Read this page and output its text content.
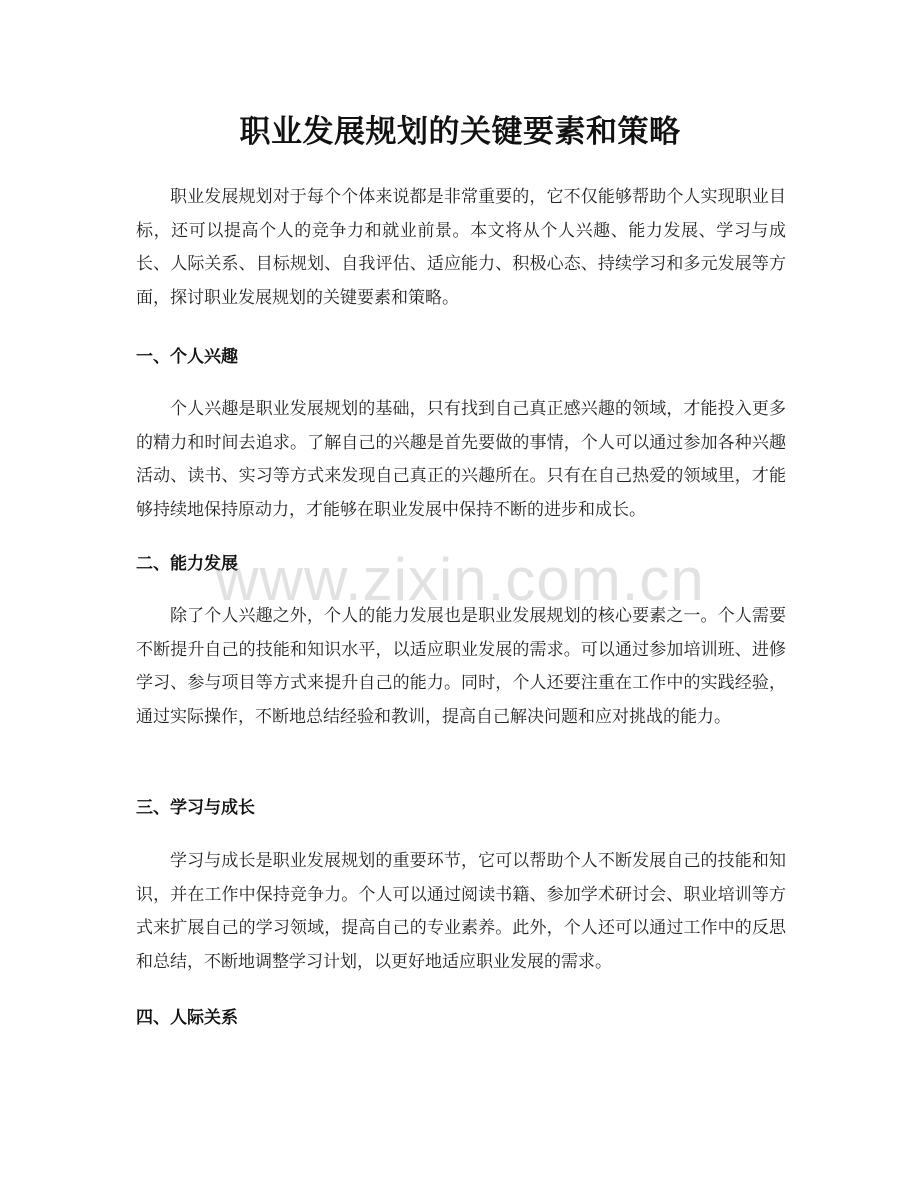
职业发展规划的关键要素和策略

职业发展规划对于每个个体来说都是非常重要的，它不仅能够帮助个人实现职业目标，还可以提高个人的竞争力和就业前景。本文将从个人兴趣、能力发展、学习与成长、人际关系、目标规划、自我评估、适应能力、积极心态、持续学习和多元发展等方面，探讨职业发展规划的关键要素和策略。

一、个人兴趣

个人兴趣是职业发展规划的基础，只有找到自己真正感兴趣的领域，才能投入更多的精力和时间去追求。了解自己的兴趣是首先要做的事情，个人可以通过参加各种兴趣活动、读书、实习等方式来发现自己真正的兴趣所在。只有在自己热爱的领域里，才能够持续地保持原动力，才能够在职业发展中保持不断的进步和成长。

二、能力发展

除了个人兴趣之外，个人的能力发展也是职业发展规划的核心要素之一。个人需要不断提升自己的技能和知识水平，以适应职业发展的需求。可以通过参加培训班、进修学习、参与项目等方式来提升自己的能力。同时，个人还要注重在工作中的实践经验，通过实际操作，不断地总结经验和教训，提高自己解决问题和应对挑战的能力。

三、学习与成长

学习与成长是职业发展规划的重要环节，它可以帮助个人不断发展自己的技能和知识，并在工作中保持竞争力。个人可以通过阅读书籍、参加学术研讨会、职业培训等方式来扩展自己的学习领域，提高自己的专业素养。此外，个人还可以通过工作中的反思和总结，不断地调整学习计划，以更好地适应职业发展的需求。

四、人际关系
www.zixin.com.cn
